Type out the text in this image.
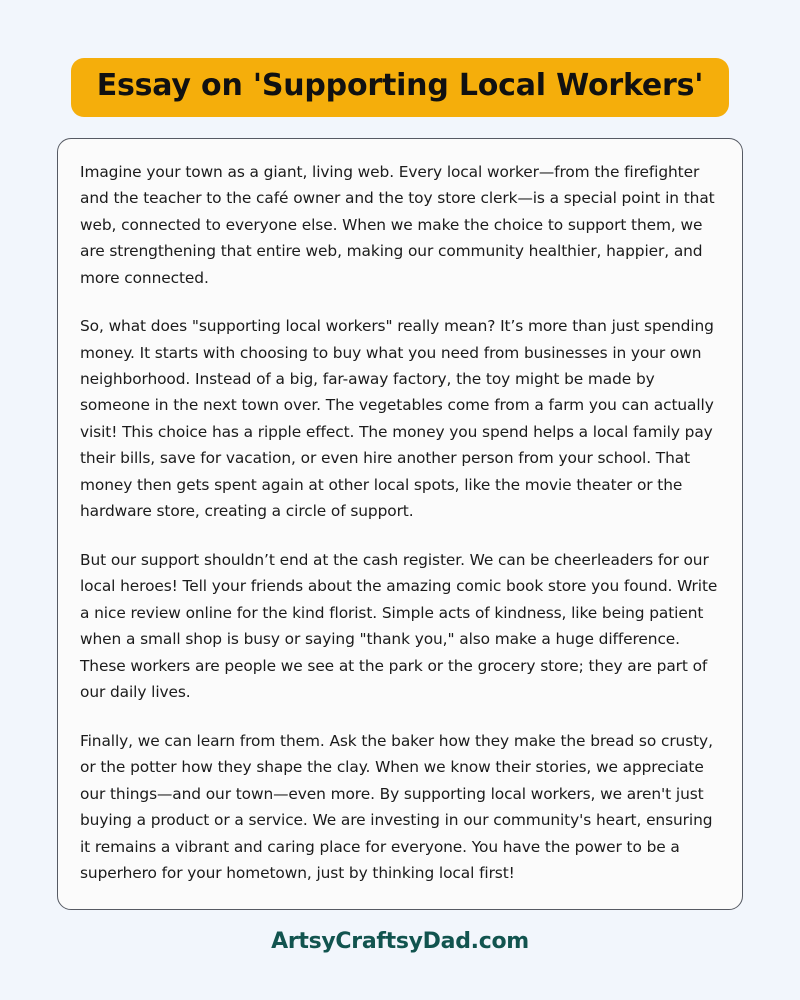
Essay on 'Supporting Local Workers'

Imagine your town as a giant, living web. Every local worker—from the firefighter and the teacher to the café owner and the toy store clerk—is a special point in that web, connected to everyone else. When we make the choice to support them, we are strengthening that entire web, making our community healthier, happier, and more connected.

So, what does "supporting local workers" really mean? It’s more than just spending money. It starts with choosing to buy what you need from businesses in your own neighborhood. Instead of a big, far-away factory, the toy might be made by someone in the next town over. The vegetables come from a farm you can actually visit! This choice has a ripple effect. The money you spend helps a local family pay their bills, save for vacation, or even hire another person from your school. That money then gets spent again at other local spots, like the movie theater or the hardware store, creating a circle of support.

But our support shouldn’t end at the cash register. We can be cheerleaders for our local heroes! Tell your friends about the amazing comic book store you found. Write a nice review online for the kind florist. Simple acts of kindness, like being patient when a small shop is busy or saying "thank you," also make a huge difference. These workers are people we see at the park or the grocery store; they are part of our daily lives.

Finally, we can learn from them. Ask the baker how they make the bread so crusty, or the potter how they shape the clay. When we know their stories, we appreciate our things—and our town—even more. By supporting local workers, we aren't just buying a product or a service. We are investing in our community's heart, ensuring it remains a vibrant and caring place for everyone. You have the power to be a superhero for your hometown, just by thinking local first!

ArtsyCraftsyDad.com
